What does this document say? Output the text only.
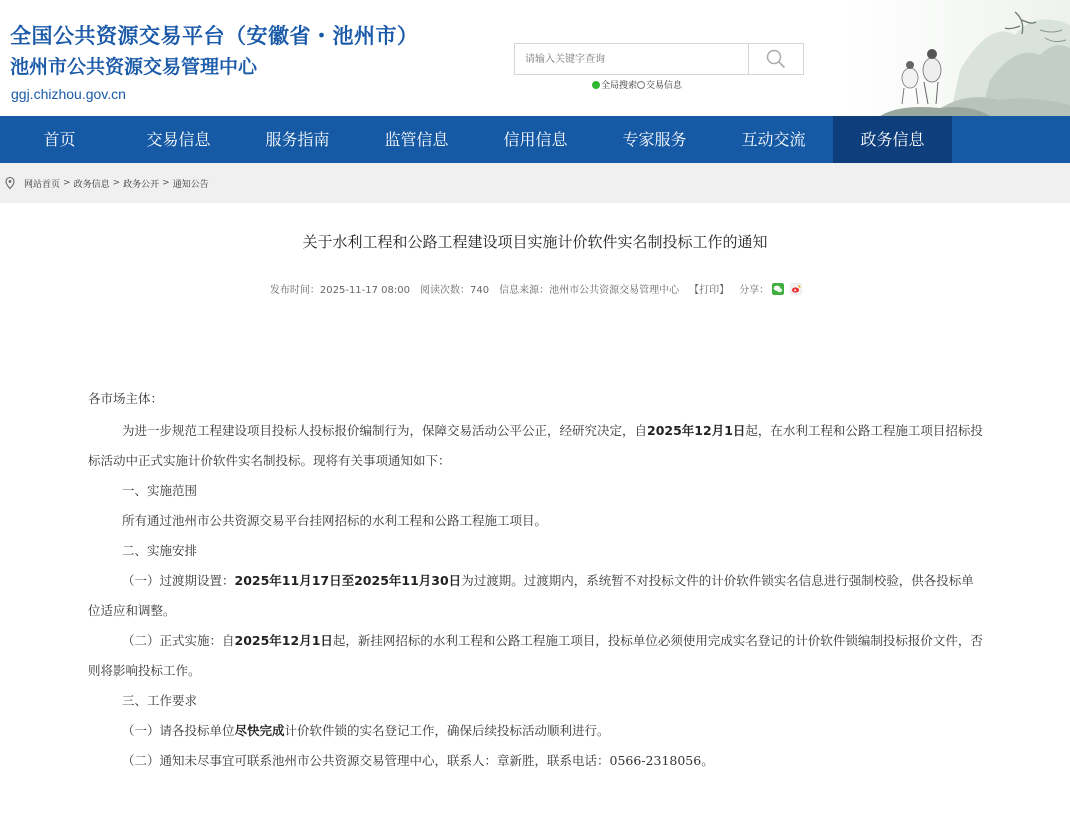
全国公共资源交易平台（安徽省・池州市）
池州市公共资源交易管理中心
ggj.chizhou.gov.cn
请输入关键字查询	全局搜索 交易信息
首页	交易信息	服务指南	监管信息	信用信息	专家服务	互动交流	政务信息
网站首页 > 政务信息 > 政务公开 > 通知公告
关于水利工程和公路工程建设项目实施计价软件实名制投标工作的通知
发布时间：2025-11-17 08:00 阅读次数：740 信息来源：池州市公共资源交易管理中心 【打印】 分享：

各市场主体：

为进一步规范工程建设项目投标人投标报价编制行为，保障交易活动公平公正，经研究决定，自2025年12月1日起，在水利工程和公路工程施工项目招标投标活动中正式实施计价软件实名制投标。现将有关事项通知如下：

一、实施范围

所有通过池州市公共资源交易平台挂网招标的水利工程和公路工程施工项目。

二、实施安排

（一）过渡期设置：2025年11月17日至2025年11月30日为过渡期。过渡期内，系统暂不对投标文件的计价软件锁实名信息进行强制校验，供各投标单位适应和调整。

（二）正式实施：自2025年12月1日起，新挂网招标的水利工程和公路工程施工项目，投标单位必须使用完成实名登记的计价软件锁编制投标报价文件，否则将影响投标工作。

三、工作要求

（一）请各投标单位尽快完成计价软件锁的实名登记工作，确保后续投标活动顺利进行。

（二）通知未尽事宜可联系池州市公共资源交易管理中心，联系人：章新胜，联系电话：0566-2318056。
